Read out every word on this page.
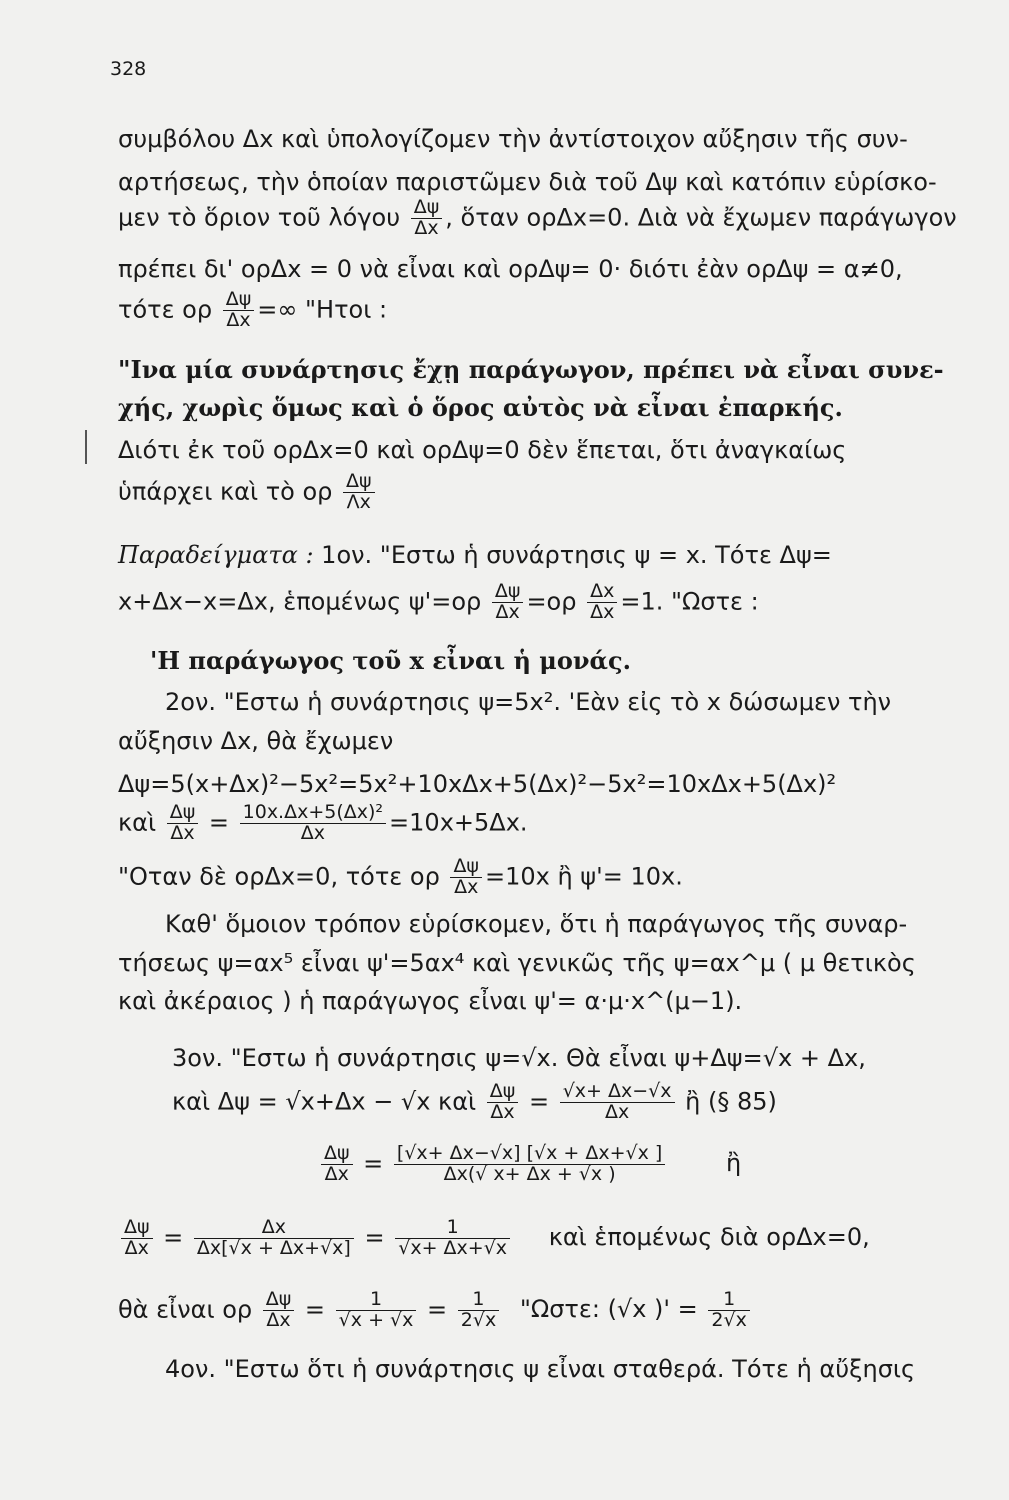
328
συμβόλου Δx καὶ ὑπολογίζομεν τὴν ἀντίστοιχον αὔξησιν τῆς συν-
αρτήσεως, τὴν ὁποίαν παριστῶμεν διὰ τοῦ Δψ καὶ κατόπιν εὑρίσκο-
μεν τὸ ὅριον τοῦ λόγου $\frac{\Delta\psi}{\Delta x}$ , ὅταν ορΔx=0. Διὰ νὰ ἔχωμεν παράγωγον
πρέπει δι' ορΔx = 0 νὰ εἶναι καὶ ορΔψ= 0· διότι ἐὰν ορΔψ = α≠0,
τότε ορ $\frac{\Delta\psi}{\Delta x}$ =∞ "Ητοι :
"Ινα μία συνάρτησις ἔχῃ παράγωγον, πρέπει νὰ εἶναι συνε-
χής, χωρὶς ὅμως καὶ ὁ ὅρος αὐτὸς νὰ εἶναι ἐπαρκής.
Διότι ἐκ τοῦ ορΔx=0 καὶ ορΔψ=0 δὲν ἕπεται, ὅτι ἀναγκαίως
ὑπάρχει καὶ τὸ ορ $\frac{\Delta\psi}{\Lambda x}$
Παραδείγματα : 1ον. "Εστω ἡ συνάρτησις ψ = x. Τότε Δψ=
x+Δx−x=Δx, ἑπομένως $\psi'=o\rho \frac{\Delta\psi}{\Delta x} =o\rho \frac{\Delta x}{\Delta x} =1$. "Ωστε :
'Η παράγωγος τοῦ x εἶναι ἡ μονάς.
2ον. "Εστω ἡ συνάρτησις ψ=5x². 'Εὰν εἰς τὸ x δώσωμεν τὴν
αὔξησιν Δx, θὰ ἔχωμεν
Δψ=5(x+Δx)²−5x²=5x²+10xΔx+5(Δx)²−5x²=10xΔx+5(Δx)²
καὶ $\frac{\Delta\psi}{\Delta x} = \frac{\text{10x.Δx+5(Δx)²}}{\Delta x} =10x+5\Delta x$.
"Οταν δὲ ορΔx=0, τότε ορ $\frac{\Delta\psi}{\Delta x} =10x$ ἢ ψ'= 10x.
Καθ' ὅμοιον τρόπον εὑρίσκομεν, ὅτι ἡ παράγωγος τῆς συναρ-
τήσεως ψ=αx⁵ εἶναι ψ'=5αx⁴ καὶ γενικῶς τῆς ψ=αx^μ ( μ θετικὸς
καὶ ἀκέραιος ) ἡ παράγωγος εἶναι ψ'= α·μ·x^(μ−1).
3ον. "Εστω ἡ συνάρτησις ψ=√x. Θὰ εἶναι ψ+Δψ=√x + Δx,
καὶ Δψ = √x+Δx − √x καὶ $\frac{\Delta\psi}{\Delta x} = \frac{√x+ \Delta x-√x}{\Delta x}$ ἢ (§ 85)
$\frac{\Delta\psi}{\Delta x} = \frac{[√x+ \Delta x-√x] [√x + \Delta x+√x ]}{\Delta x(√ x+ \Delta x + √x )}$	ἢ
$\frac{\Delta\psi}{\Delta x} = \frac{\Delta x}{\Delta x[√x + \Delta x+√x]} = \frac{1}{√x+ \Delta x+√x}$ καὶ ἑπομένως διὰ ορΔx=0,
θὰ εἶναι ορ $\frac{\Delta\psi}{\Delta x} = \frac{1}{√x + √x} = \frac{1}{2√x}$ "Ωστε: (√x )' = $\frac{1}{2√x}$
4ον. "Εστω ὅτι ἡ συνάρτησις ψ εἶναι σταθερά. Τότε ἡ αὔξησις
